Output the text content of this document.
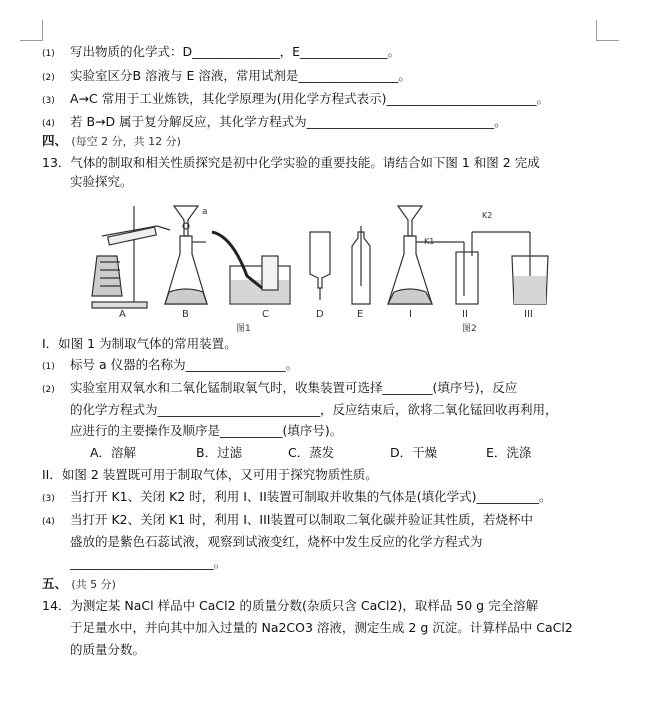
(1) 写出物质的化学式：D______________，E______________。
(2) 实验室区分B 溶液与 E 溶液，常用试剂是________________。
(3) A→C 常用于工业炼铁，其化学原理为(用化学方程式表示)________________________。
(4) 若 B→D 属于复分解反应，其化学方程式为______________________________。
四、 (每空 2 分，共 12 分)
13．气体的制取和相关性质探究是初中化学实验的重要技能。请结合如下图 1 和图 2 完成
实验探究。
a
K1
K2
A	B	C	D	E	I	II	III
图1	图2
I．如图 1 为制取气体的常用装置。
(1) 标号 a 仪器的名称为________________。
(2) 实验室用双氧水和二氧化锰制取氧气时，收集装置可选择________(填序号)，反应
的化学方程式为__________________________，反应结束后，欲将二氧化锰回收再利用，
应进行的主要操作及顺序是__________(填序号)。
A．溶解	B．过滤	C．蒸发	D．干燥	E．洗涤
II．如图 2 装置既可用于制取气体，又可用于探究物质性质。
(3) 当打开 K1、关闭 K2 时，利用 I、II装置可制取并收集的气体是(填化学式)__________。
(4) 当打开 K2、关闭 K1 时，利用 I、III装置可以制取二氧化碳并验证其性质，若烧杯中
盛放的是紫色石蕊试液，观察到试液变红，烧杯中发生反应的化学方程式为
_______________________。
五、 (共 5 分)
14．为测定某 NaCl 样品中 CaCl2 的质量分数(杂质只含 CaCl2)，取样品 50 g 完全溶解
于足量水中，并向其中加入过量的 Na2CO3 溶液，测定生成 2 g 沉淀。计算样品中 CaCl2
的质量分数。
